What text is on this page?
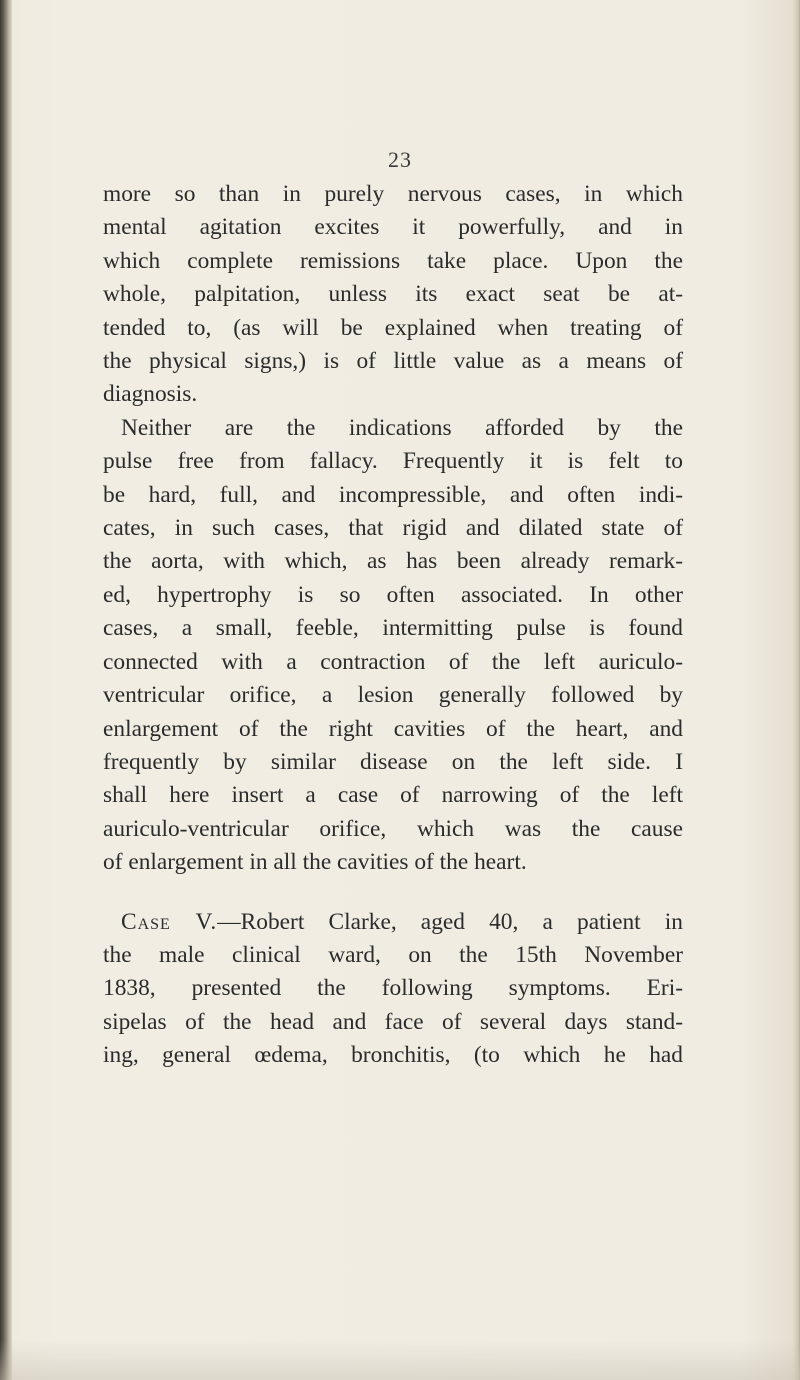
23
more so than in purely nervous cases, in which
mental agitation excites it powerfully, and in
which complete remissions take place. Upon the
whole, palpitation, unless its exact seat be at-
tended to, (as will be explained when treating of
the physical signs,) is of little value as a means of
diagnosis.
Neither are the indications afforded by the
pulse free from fallacy. Frequently it is felt to
be hard, full, and incompressible, and often indi-
cates, in such cases, that rigid and dilated state of
the aorta, with which, as has been already remark-
ed, hypertrophy is so often associated. In other
cases, a small, feeble, intermitting pulse is found
connected with a contraction of the left auriculo-
ventricular orifice, a lesion generally followed by
enlargement of the right cavities of the heart, and
frequently by similar disease on the left side. I
shall here insert a case of narrowing of the left
auriculo-ventricular orifice, which was the cause
of enlargement in all the cavities of the heart.
Case V.—Robert Clarke, aged 40, a patient in
the male clinical ward, on the 15th November
1838, presented the following symptoms. Eri-
sipelas of the head and face of several days stand-
ing, general œdema, bronchitis, (to which he had
